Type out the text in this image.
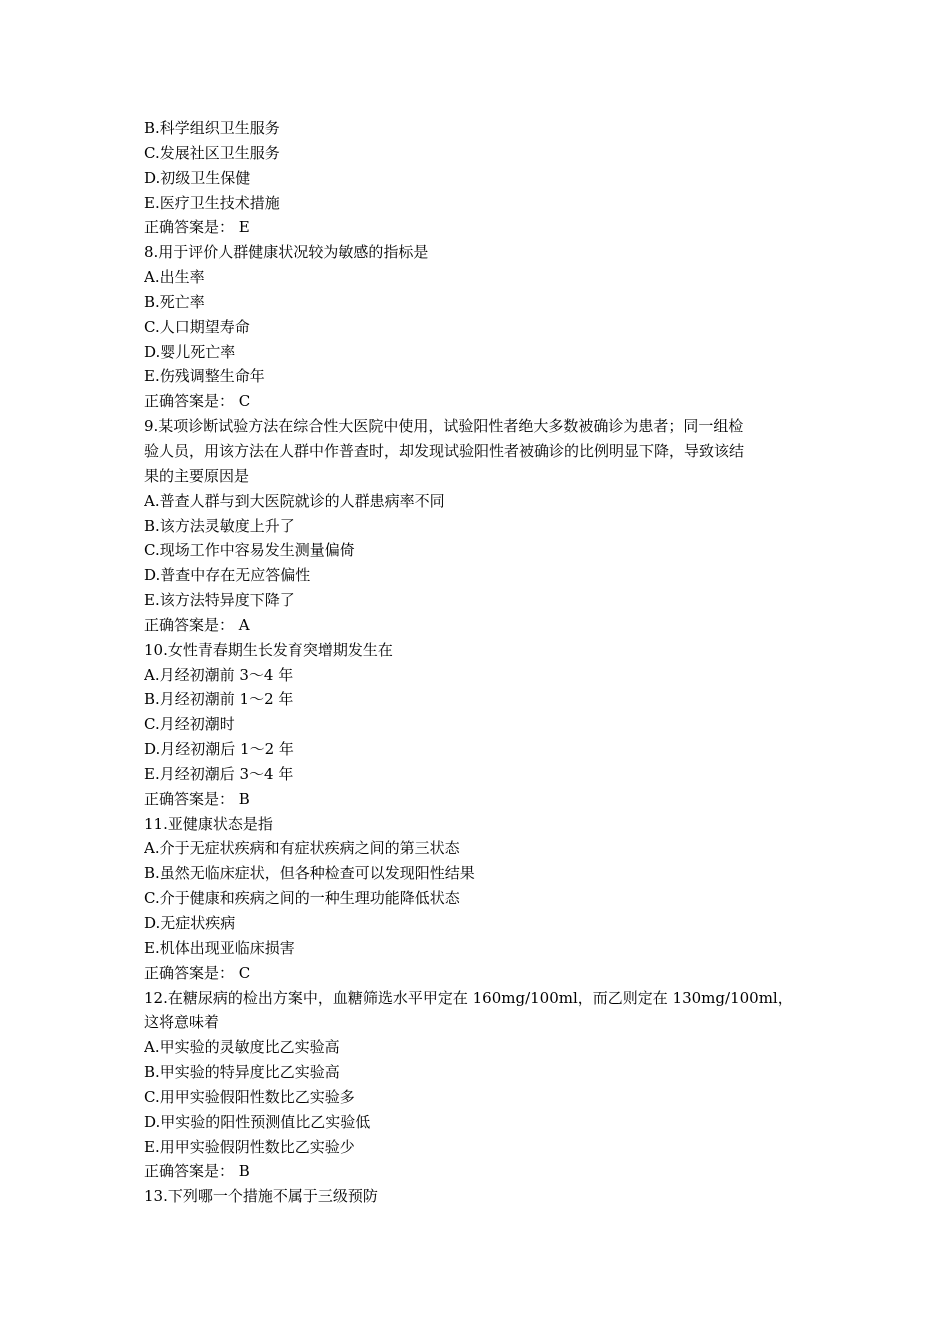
B.科学组织卫生服务
C.发展社区卫生服务
D.初级卫生保健
E.医疗卫生技术措施
正确答案是： E
8.用于评价人群健康状况较为敏感的指标是
A.出生率
B.死亡率
C.人口期望寿命
D.婴儿死亡率
E.伤残调整生命年
正确答案是： C
9.某项诊断试验方法在综合性大医院中使用，试验阳性者绝大多数被确诊为患者；同一组检
验人员，用该方法在人群中作普查时，却发现试验阳性者被确诊的比例明显下降，导致该结
果的主要原因是
A.普查人群与到大医院就诊的人群患病率不同
B.该方法灵敏度上升了
C.现场工作中容易发生测量偏倚
D.普查中存在无应答偏性
E.该方法特异度下降了
正确答案是： A
10.女性青春期生长发育突增期发生在
A.月经初潮前 3～4 年
B.月经初潮前 1～2 年
C.月经初潮时
D.月经初潮后 1～2 年
E.月经初潮后 3～4 年
正确答案是： B
11.亚健康状态是指
A.介于无症状疾病和有症状疾病之间的第三状态
B.虽然无临床症状，但各种检查可以发现阳性结果
C.介于健康和疾病之间的一种生理功能降低状态
D.无症状疾病
E.机体出现亚临床损害
正确答案是： C
12.在糖尿病的检出方案中，血糖筛选水平甲定在 160mg/100ml，而乙则定在 130mg/100ml，
这将意味着
A.甲实验的灵敏度比乙实验高
B.甲实验的特异度比乙实验高
C.用甲实验假阳性数比乙实验多
D.甲实验的阳性预测值比乙实验低
E.用甲实验假阴性数比乙实验少
正确答案是： B
13.下列哪一个措施不属于三级预防
